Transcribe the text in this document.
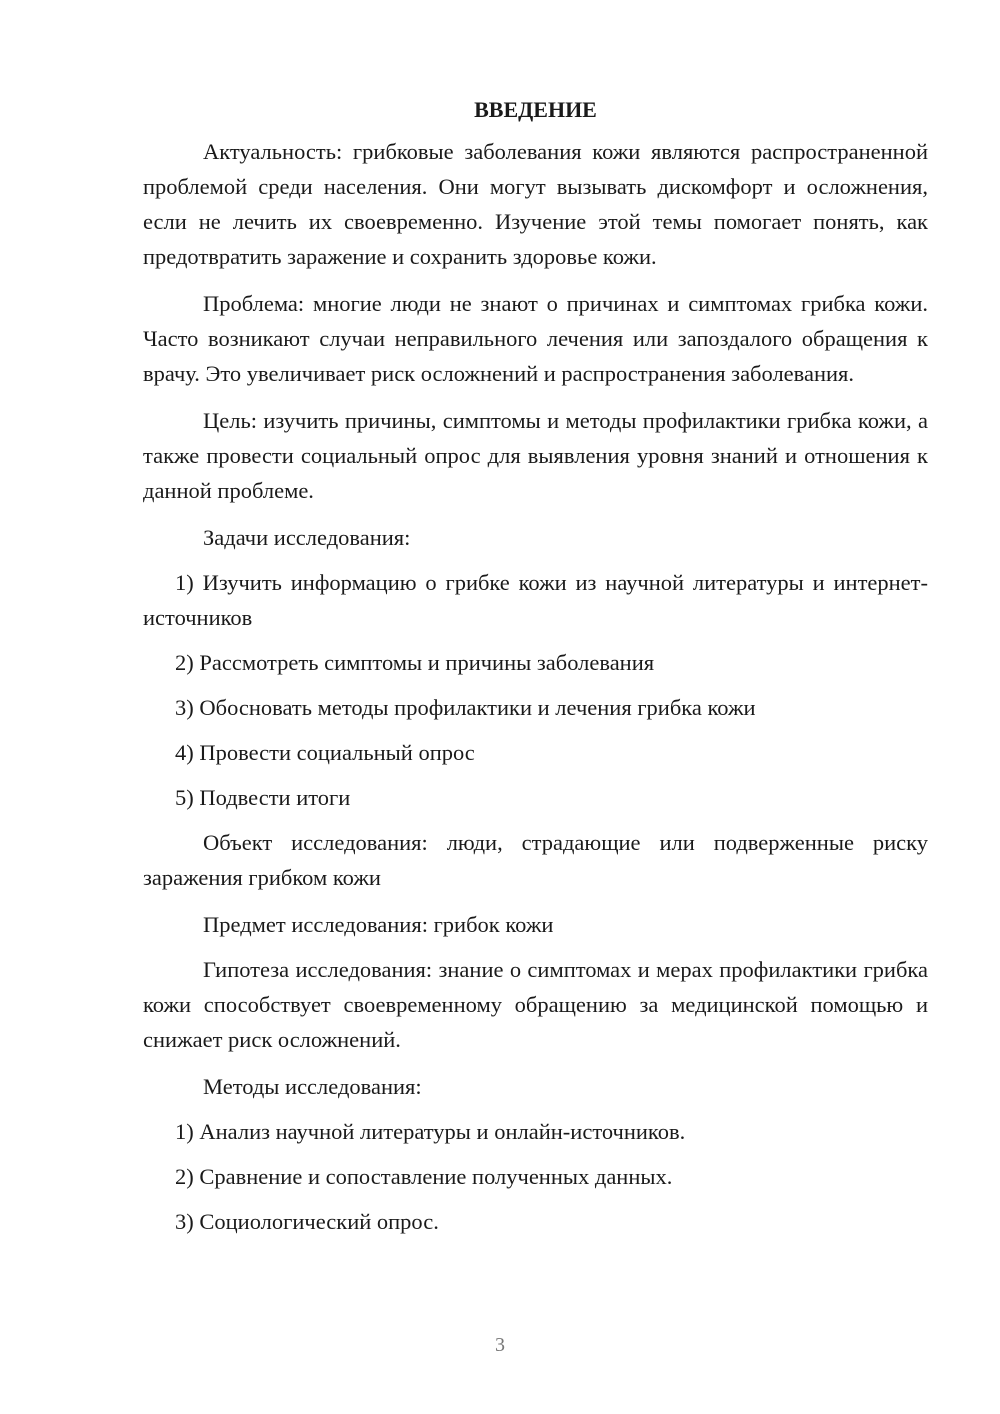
ВВЕДЕНИЕ

Актуальность: грибковые заболевания кожи являются распространенной проблемой среди населения. Они могут вызывать дискомфорт и осложнения, если не лечить их своевременно. Изучение этой темы помогает понять, как предотвратить заражение и сохранить здоровье кожи.

Проблема: многие люди не знают о причинах и симптомах грибка кожи. Часто возникают случаи неправильного лечения или запоздалого обращения к врачу. Это увеличивает риск осложнений и распространения заболевания.

Цель: изучить причины, симптомы и методы профилактики грибка кожи, а также провести социальный опрос для выявления уровня знаний и отношения к данной проблеме.

Задачи исследования:
1) Изучить информацию о грибке кожи из научной литературы и интернет-источников
2) Рассмотреть симптомы и причины заболевания
3) Обосновать методы профилактики и лечения грибка кожи
4) Провести социальный опрос
5) Подвести итоги

Объект исследования: люди, страдающие или подверженные риску заражения грибком кожи

Предмет исследования: грибок кожи

Гипотеза исследования: знание о симптомах и мерах профилактики грибка кожи способствует своевременному обращению за медицинской помощью и снижает риск осложнений.

Методы исследования:
1) Анализ научной литературы и онлайн-источников.
2) Сравнение и сопоставление полученных данных.
3) Социологический опрос.
3
